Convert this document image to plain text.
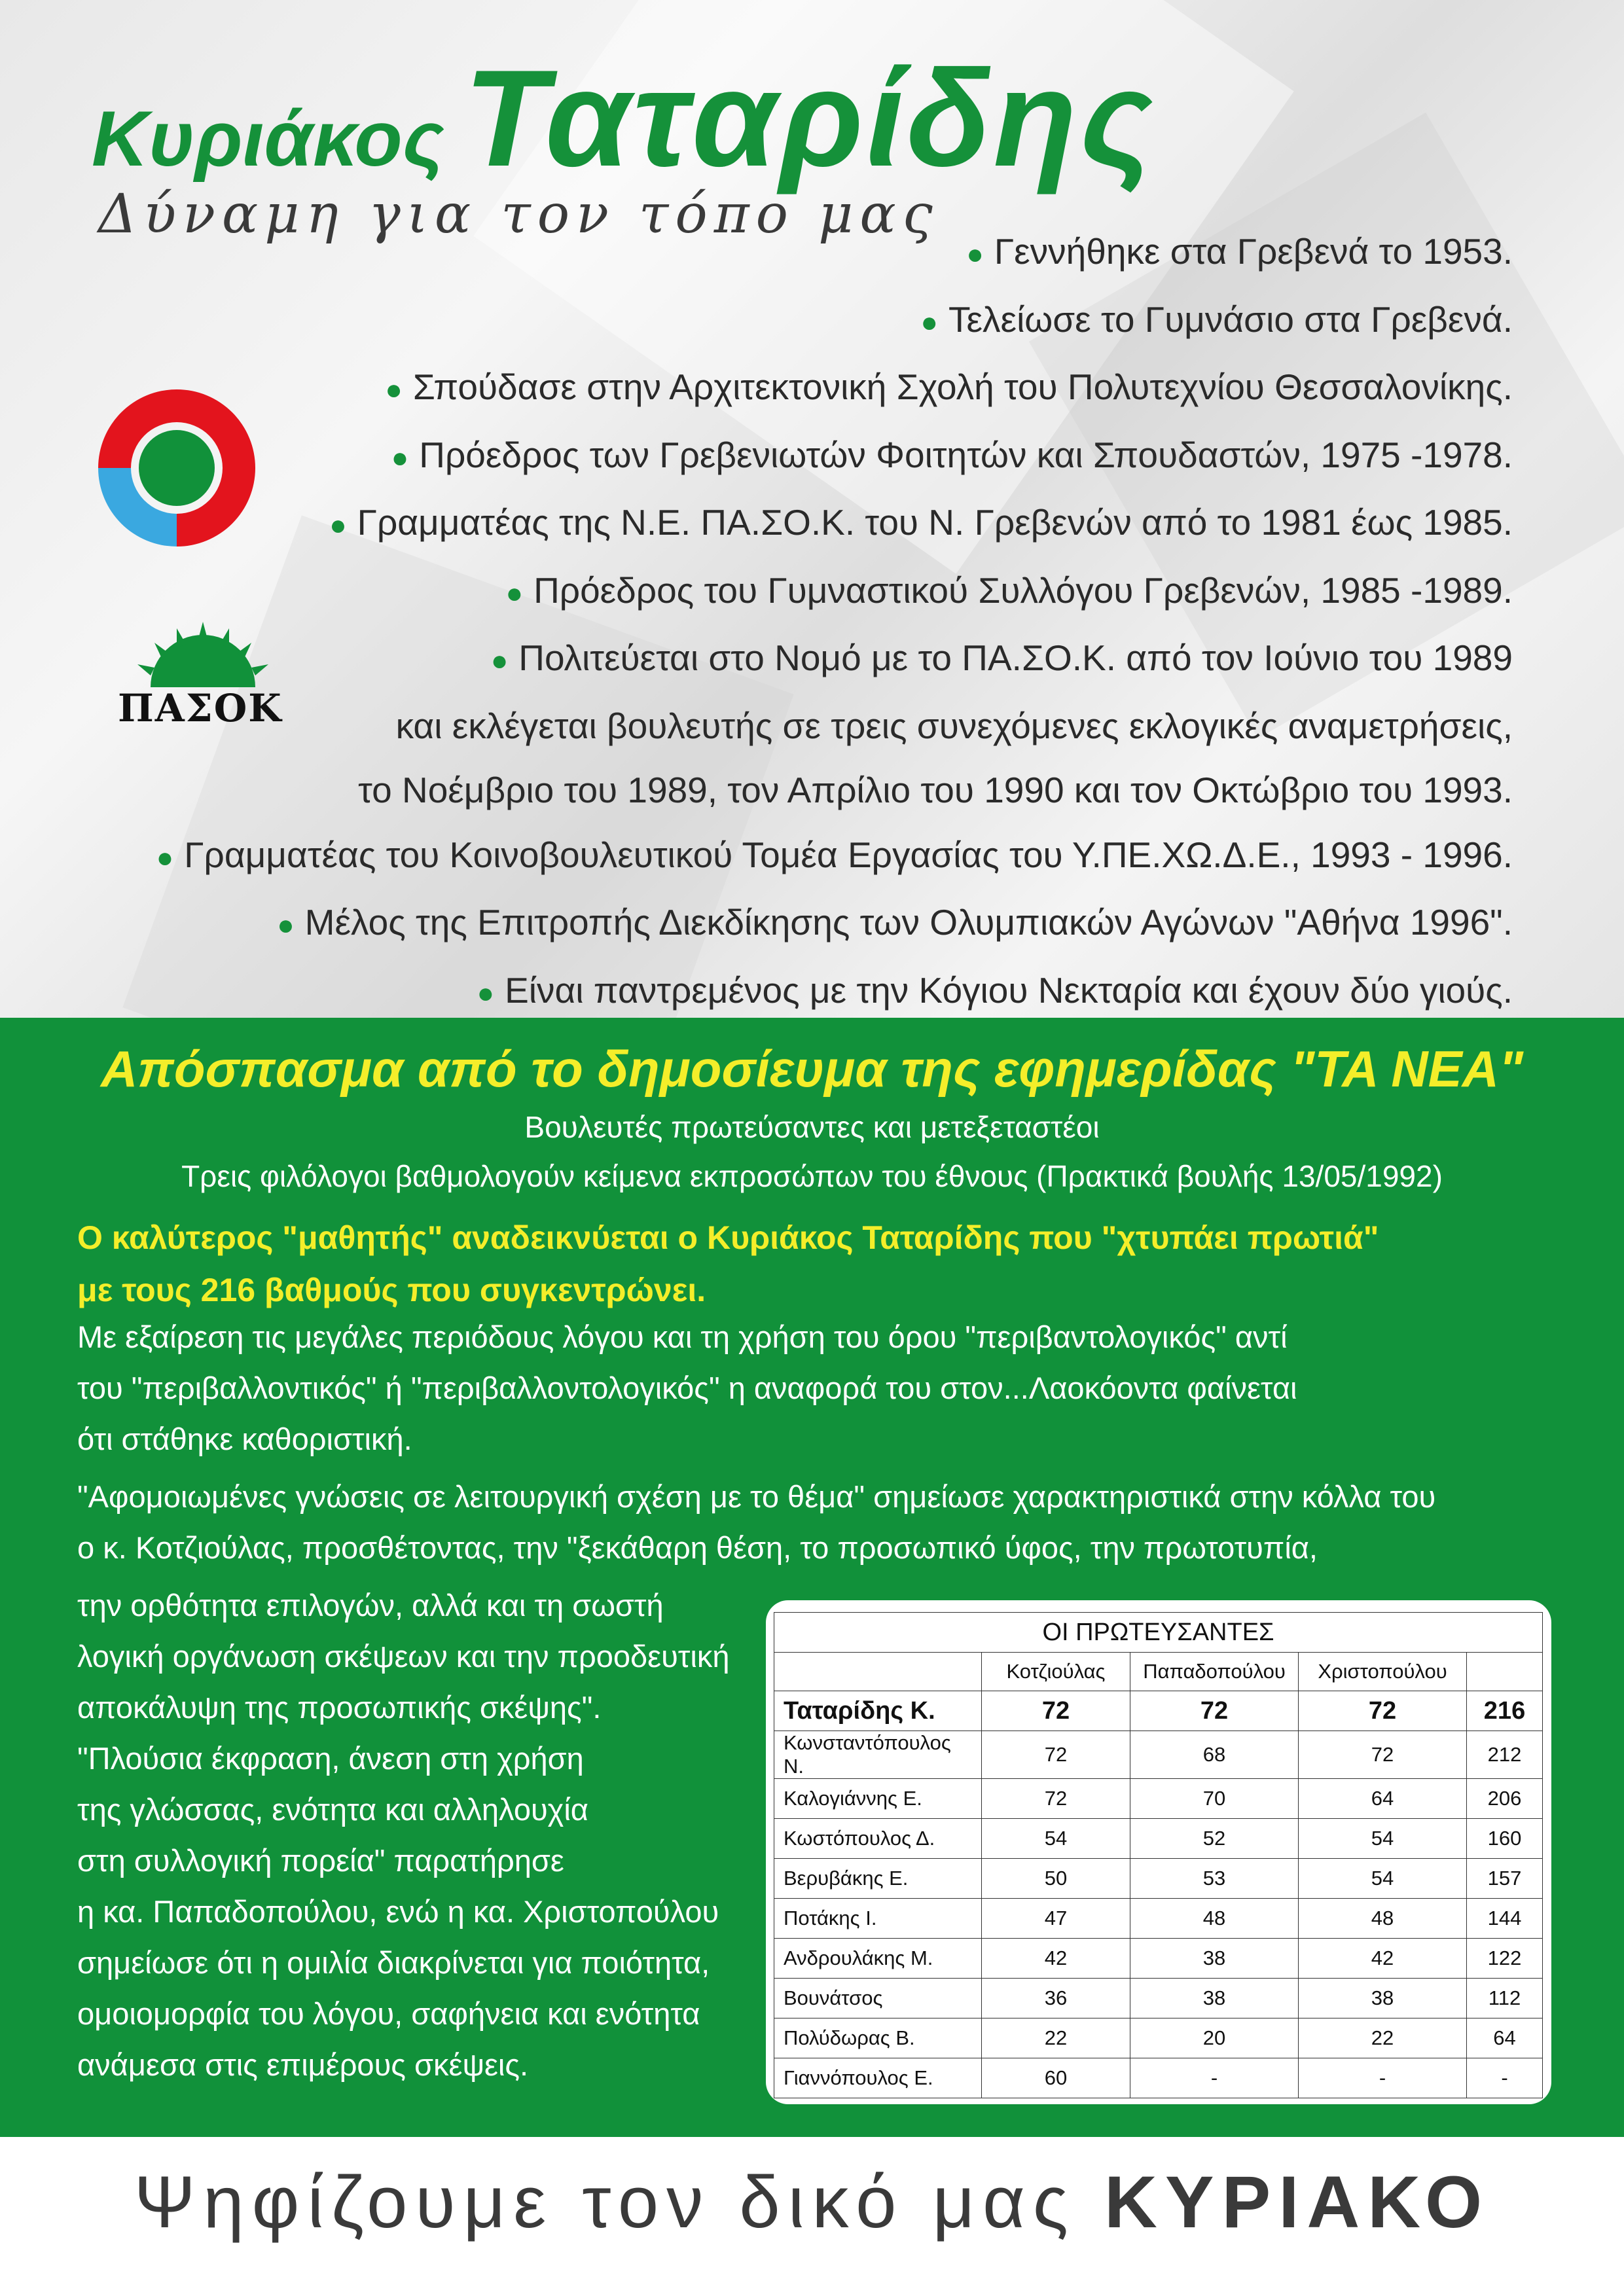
Κυριάκος Ταταρίδης
Δύναμη για τον τόπο μας
ΠΑΣΟΚ
● Γεννήθηκε στα Γρεβενά το 1953.
● Τελείωσε το Γυμνάσιο στα Γρεβενά.
● Σπούδασε στην Αρχιτεκτονική Σχολή του Πολυτεχνίου Θεσσαλονίκης.
● Πρόεδρος των Γρεβενιωτών Φοιτητών και Σπουδαστών, 1975 -1978.
● Γραμματέας της Ν.Ε. ΠΑ.ΣΟ.Κ. του Ν. Γρεβενών από το 1981 έως 1985.
● Πρόεδρος του Γυμναστικού Συλλόγου Γρεβενών, 1985 -1989.
● Πολιτεύεται στο Νομό με το ΠΑ.ΣΟ.Κ. από τον Ιούνιο του 1989
και εκλέγεται βουλευτής σε τρεις συνεχόμενες εκλογικές αναμετρήσεις,
το Νοέμβριο του 1989, τον Απρίλιο του 1990 και τον Οκτώβριο του 1993.
● Γραμματέας του Κοινοβουλευτικού Τομέα Εργασίας του Υ.ΠΕ.ΧΩ.Δ.Ε., 1993 - 1996.
● Μέλος της Επιτροπής Διεκδίκησης των Ολυμπιακών Αγώνων "Αθήνα 1996".
● Είναι παντρεμένος με την Κόγιου Νεκταρία και έχουν δύο γιούς.
Απόσπασμα από το δημοσίευμα της εφημερίδας "ΤΑ ΝΕΑ"
Βουλευτές πρωτεύσαντες και μετεξεταστέοι
Τρεις φιλόλογοι βαθμολογούν κείμενα εκπροσώπων του έθνους (Πρακτικά βουλής 13/05/1992)
Ο καλύτερος "μαθητής" αναδεικνύεται ο Κυριάκος Ταταρίδης που "χτυπάει πρωτιά"
με τους 216 βαθμούς που συγκεντρώνει.
Με εξαίρεση τις μεγάλες περιόδους λόγου και τη χρήση του όρου "περιβαντολογικός" αντί
του "περιβαλλοντικός" ή "περιβαλλοντολογικός" η αναφορά του στον...Λαοκόοντα φαίνεται
ότι στάθηκε καθοριστική.
"Αφομοιωμένες γνώσεις σε λειτουργική σχέση με το θέμα" σημείωσε χαρακτηριστικά στην κόλλα του
ο κ. Κοτζιούλας, προσθέτοντας, την "ξεκάθαρη θέση, το προσωπικό ύφος, την πρωτοτυπία,
την ορθότητα επιλογών, αλλά και τη σωστή
λογική οργάνωση σκέψεων και την προοδευτική
αποκάλυψη της προσωπικής σκέψης".
"Πλούσια έκφραση, άνεση στη χρήση
της γλώσσας, ενότητα και αλληλουχία
στη συλλογική πορεία" παρατήρησε
η κα. Παπαδοπούλου, ενώ η κα. Χριστοπούλου
σημείωσε ότι η ομιλία διακρίνεται για ποιότητα,
ομοιομορφία του λόγου, σαφήνεια και ενότητα
ανάμεσα στις επιμέρους σκέψεις.
ΟΙ ΠΡΩΤΕΥΣΑΝΤΕΣ				
	Κοτζιούλας	Παπαδοπούλου	Χριστοπούλου	
Ταταρίδης Κ.	72	72	72	216
Κωνσταντόπουλος Ν.	72	68	72	212
Καλογιάννης Ε.	72	70	64	206
Κωστόπουλος Δ.	54	52	54	160
Βερυβάκης Ε.	50	53	54	157
Ποτάκης Ι.	47	48	48	144
Ανδρουλάκης Μ.	42	38	42	122
Βουνάτσος	36	38	38	112
Πολύδωρας Β.	22	20	22	64
Γιαννόπουλος Ε.	60	-	-	-
Ψηφίζουμε τον δικό μας ΚΥΡΙΑΚΟ
